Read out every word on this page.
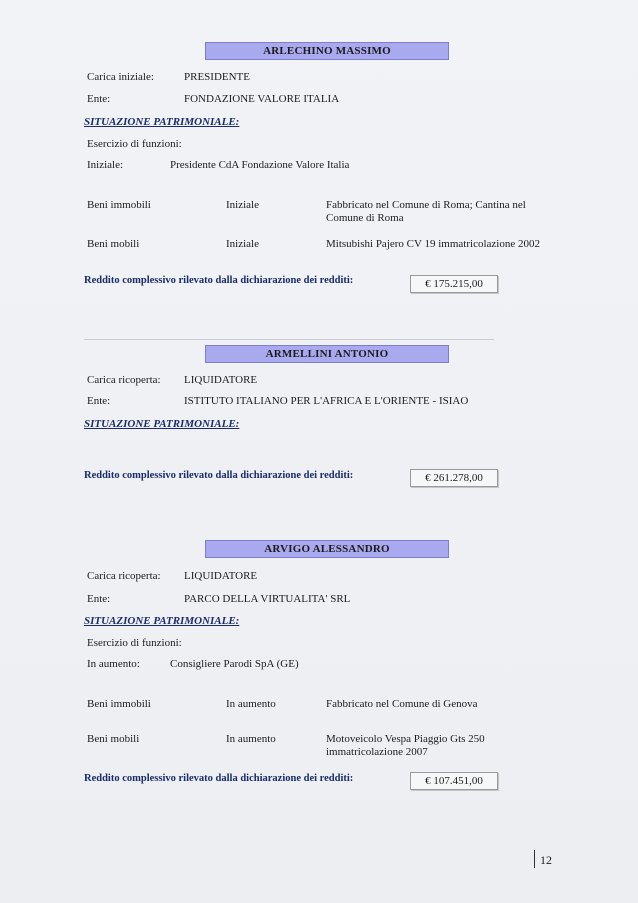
ARLECHINO MASSIMO
Carica iniziale:	PRESIDENTE
Ente:	FONDAZIONE VALORE ITALIA
SITUAZIONE PATRIMONIALE:
Esercizio di funzioni:
Iniziale:	Presidente CdA Fondazione Valore Italia
Beni immobili	Iniziale	Fabbricato nel Comune di Roma; Cantina nel Comune di Roma
Beni mobili	Iniziale	Mitsubishi Pajero CV 19 immatricolazione 2002
Reddito complessivo rilevato dalla dichiarazione dei redditi:	€ 175.215,00
ARMELLINI ANTONIO
Carica ricoperta: LIQUIDATORE
Ente:	ISTITUTO ITALIANO PER L'AFRICA E L'ORIENTE - ISIAO
SITUAZIONE PATRIMONIALE:
Reddito complessivo rilevato dalla dichiarazione dei redditi:	€ 261.278,00
ARVIGO ALESSANDRO
Carica ricoperta: LIQUIDATORE
Ente:	PARCO DELLA VIRTUALITA' SRL
SITUAZIONE PATRIMONIALE:
Esercizio di funzioni:
In aumento:	Consigliere Parodi SpA (GE)
Beni immobili	In aumento	Fabbricato nel Comune di Genova
Beni mobili	In aumento	Motoveicolo Vespa Piaggio Gts 250 immatricolazione 2007
Reddito complessivo rilevato dalla dichiarazione dei redditi:	€ 107.451,00
12
